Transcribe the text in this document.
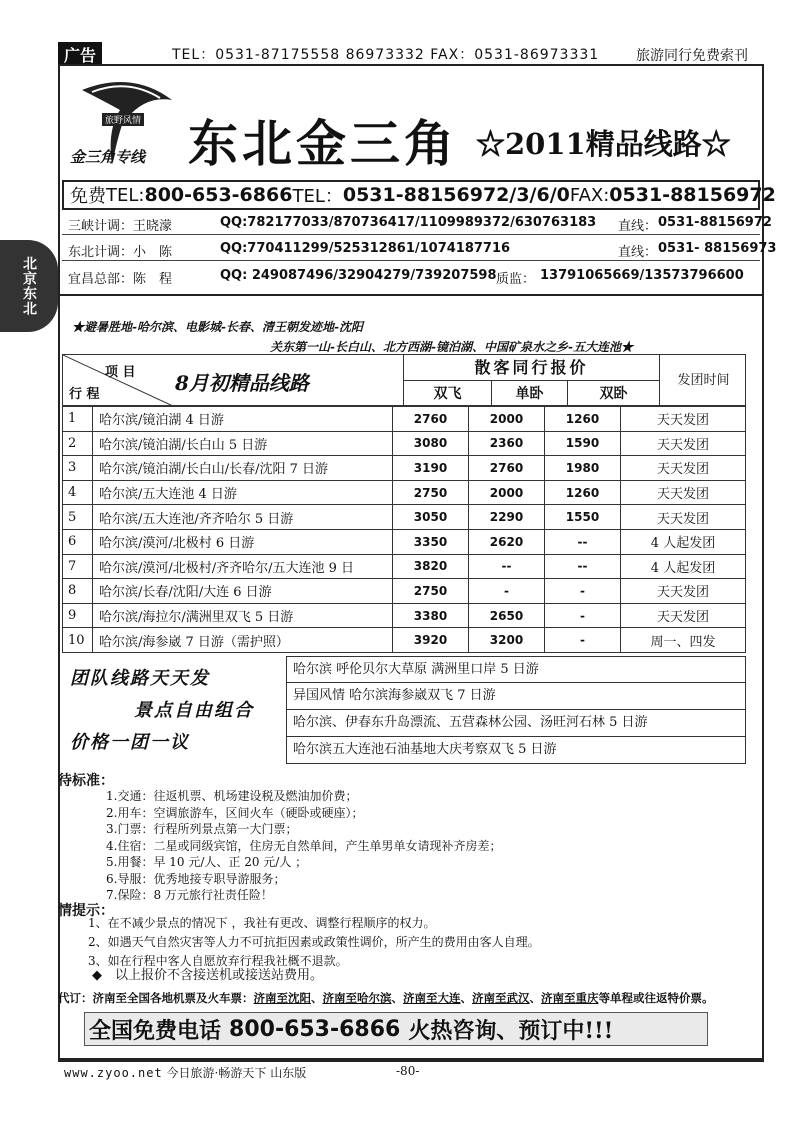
广告	TEL：0531-87175558 86973332 FAX：0531-86973331	旅游同行免费索刊
北京东北
旅野风情
金三角专线 东北金三角 ☆2011精品线路☆
免费 TEL: 800-653-6866 TEL： 0531-88156972/3/6/0 FAX: 0531-88156972
三峡计调：王晓濛	QQ:782177033/870736417/1109989372/630763183 直线： 0531-88156972
东北计调：小　陈	QQ:770411299/525312861/1074187716	直线： 0531- 88156973
宜昌总部：陈　程	QQ: 249087496/32904279/739207598 质监： 13791065669/13573796600
★避暑胜地-哈尔滨、电影城-长春、清王朝发迹地-沈阳
关东第一山-长白山、北方西湖-镜泊湖、中国矿泉水之乡-五大连池★
项 目
行 程	8月初精品线路
散客同行报价
双飞	单卧	双卧
发团时间
1	哈尔滨/镜泊湖 4 日游	2760	2000	1260	天天发团
2	哈尔滨/镜泊湖/长白山 5 日游	3080	2360	1590	天天发团
3	哈尔滨/镜泊湖/长白山/长春/沈阳 7 日游	3190	2760	1980	天天发团
4	哈尔滨/五大连池 4 日游	2750	2000	1260	天天发团
5	哈尔滨/五大连池/齐齐哈尔 5 日游	3050	2290	1550	天天发团
6	哈尔滨/漠河/北极村 6 日游	3350	2620	--	4 人起发团
7	哈尔滨/漠河/北极村/齐齐哈尔/五大连池 9 日	3820	--	--	4 人起发团
8	哈尔滨/长春/沈阳/大连 6 日游	2750	-	-	天天发团
9	哈尔滨/海拉尔/满洲里双飞 5 日游	3380	2650	-	天天发团
10	哈尔滨/海参崴 7 日游（需护照）	3920	3200	-	周一、四发
团队线路天天发
景点自由组合
价格一团一议
哈尔滨 呼伦贝尔大草原 满洲里口岸 5 日游
异国风情 哈尔滨海参崴双飞 7 日游
哈尔滨、伊春东升岛漂流、五营森林公园、汤旺河石林 5 日游
哈尔滨五大连池石油基地大庆考察双飞 5 日游
待标准：
1.交通：往返机票、机场建设税及燃油加价费；
2.用车：空调旅游车，区间火车（硬卧或硬座）；
3.门票：行程所列景点第一大门票；
4.住宿：二星或同级宾馆，住房无自然单间，产生单男单女请现补齐房差；
5.用餐：早 10 元/人、正 20 元/人 ；
6.导服：优秀地接专职导游服务；
7.保险：8 万元旅行社责任险！
情提示：
1、在不减少景点的情况下 ，我社有更改、调整行程顺序的权力。
2、如遇天气自然灾害等人力不可抗拒因素或政策性调价，所产生的费用由客人自理。
3、如在行程中客人自愿放弃行程我社概不退款。
◆　以上报价不含接送机或接送站费用。
代订：济南至全国各地机票及火车票：济南至沈阳、济南至哈尔滨、济南至大连、济南至武汉、济南至重庆等单程或往返特价票。
全国免费电话 800-653-6866 火热咨询、预订中!!!
www.zyoo.net 今日旅游·畅游天下 山东版	-80-
